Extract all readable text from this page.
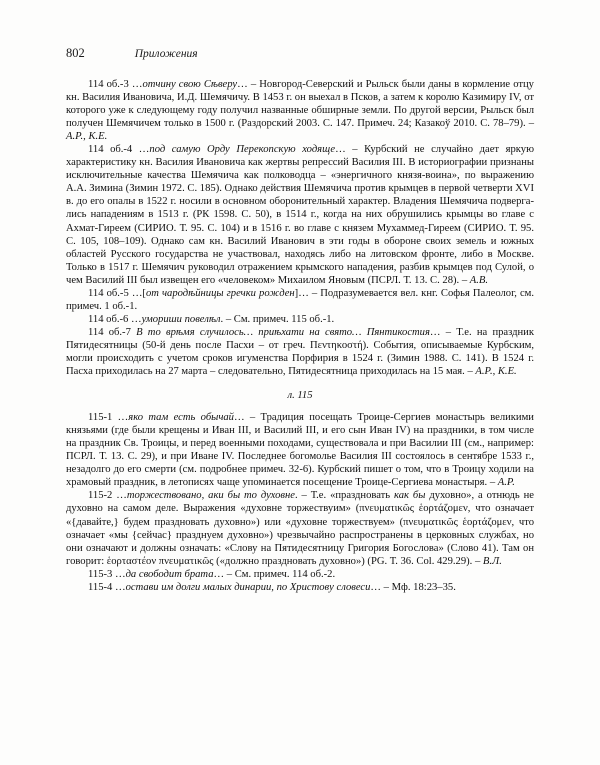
802	Приложения

114 об.-3 …отчину свою Сѣверу… – Новгород-Северский и Рыльск были даны в кормление отцу кн. Василия Ивановича, И.Д. Шемячичу. В 1453 г. он выехал в Псков, а затем к королю Казимиру IV, от которого уже к следующему году получил названные обширные земли. По другой версии, Рыльск был получен Шемячичем только в 1500 г. (Раздорский 2003. С. 147. Примеч. 24; Казакоў 2010. С. 78–79). – А.Р., К.Е.

114 об.-4 …под самую Орду Перекопскую ходяще… – Курбский не случайно дает яркую характеристику кн. Василия Ивановича как жертвы репрессий Василия III. В историографии признаны исключительные качества Шемячича как полководца – «энергичного князя-воина», по выражению А.А. Зимина (Зимин 1972. С. 185). Однако действия Шемячича против крымцев в первой четверти XVI в. до его опалы в 1522 г. носили в основном оборонительный характер. Владения Шемячича подвергались нападениям в 1513 г. (РК 1598. С. 50), в 1514 г., когда на них обрушились крымцы во главе с Ахмат-Гиреем (СИРИО. Т. 95. С. 104) и в 1516 г. во главе с князем Мухаммед-Гиреем (СИРИО. Т. 95. С. 105, 108–109). Однако сам кн. Василий Иванович в эти годы в обороне своих земель и южных областей Русского государства не участвовал, находясь либо на литовском фронте, либо в Москве. Только в 1517 г. Шемячич руководил отражением крымского нападения, разбив крымцев под Сулой, о чем Василий III был извещен его «человеком» Михаилом Яновым (ПСРЛ. Т. 13. С. 28). – А.В.

114 об.-5 …[от чародѣйницы гречки рожден]… – Подразумевается вел. кнг. Софья Палеолог, см. примеч. 1 об.-1.

114 об.-6 …умориши повелѣл. – См. примеч. 115 об.-1.

114 об.-7 В то врѣмя случилось… приѣхати на свято… Пянтикостия… – Т.е. на праздник Пятидесятницы (50-й день после Пасхи – от греч. Πεντηκοστή). События, описываемые Курбским, могли происходить с учетом сроков игуменства Порфирия в 1524 г. (Зимин 1988. С. 141). В 1524 г. Пасха приходилась на 27 марта – следовательно, Пятидесятница приходилась на 15 мая. – А.Р., К.Е.

л. 115

115-1 …яко там есть обычай… – Традиция посещать Троице-Сергиев монастырь великими князьями (где были крещены и Иван III, и Василий III, и его сын Иван IV) на праздники, в том числе на праздник Св. Троицы, и перед военными походами, существовала и при Василии III (см., например: ПСРЛ. Т. 13. С. 29), и при Иване IV. Последнее богомолье Василия III состоялось в сентябре 1533 г., незадолго до его смерти (см. подробнее примеч. 32-6). Курбский пишет о том, что в Троицу ходили на храмовый праздник, в летописях чаще упоминается посещение Троице-Сергиева монастыря. – А.Р.

115-2 …торжествовано, аки бы то духовне. – Т.е. «праздновать как бы духовно», а отнюдь не духовно на самом деле. Выражения «духовне торжествуим» (πνευματικῶς ἑορτάζομεν, что означает «{давайте,} будем праздновать духовно») или «духовне торжествуем» (πνευματικῶς ἑορτάζομεν, что означает «мы {сейчас} празднуем духовно») чрезвычайно распространены в церковных службах, но они означают и должны означать: «Слову на Пятидесятницу Григория Богослова» (Слово 41). Там он говорит: ἑορταστέον πνευματικῶς («должно праздновать духовно») (PG. Т. 36. Col. 429.29). – В.Л.

115-3 …да свободит брата… – См. примеч. 114 об.-2.

115-4 …остави им долги малых динарии, по Христову словеси… – Мф. 18:23–35.
